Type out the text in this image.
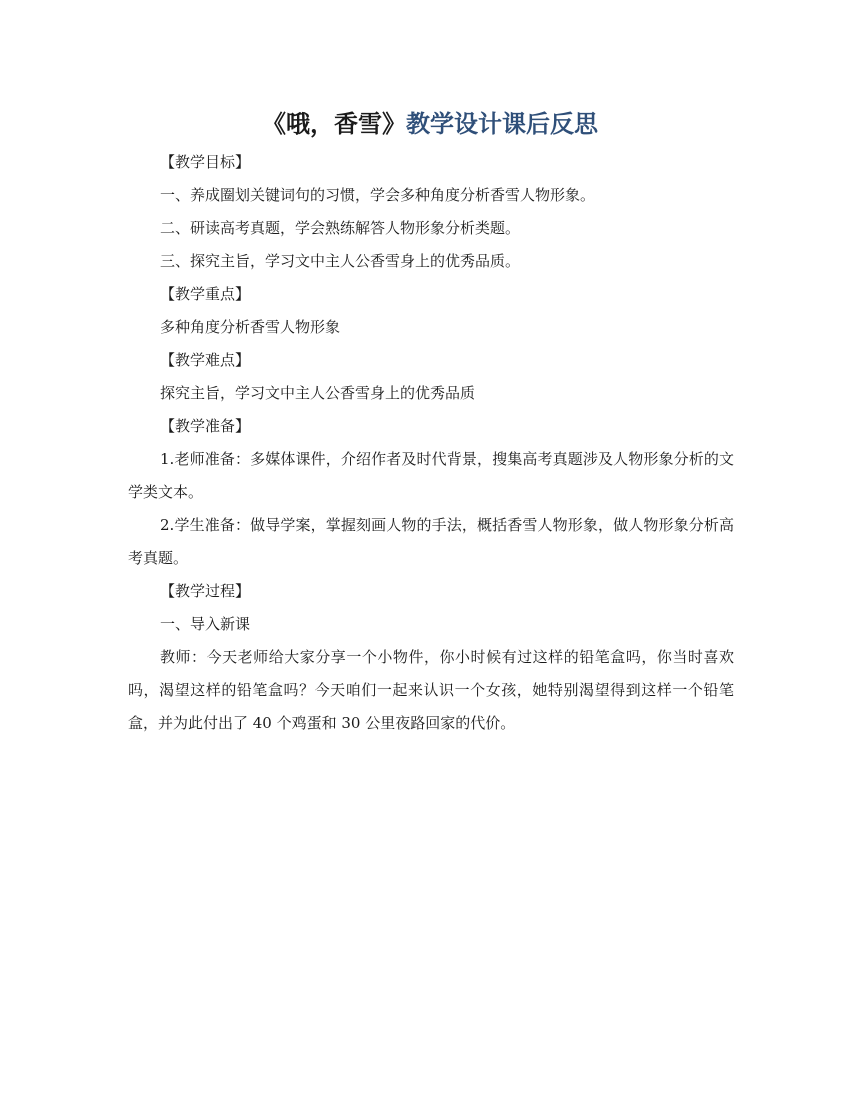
《哦，香雪》教学设计课后反思

【教学目标】

一、养成圈划关键词句的习惯，学会多种角度分析香雪人物形象。

二、研读高考真题，学会熟练解答人物形象分析类题。

三、探究主旨，学习文中主人公香雪身上的优秀品质。

【教学重点】

多种角度分析香雪人物形象

【教学难点】

探究主旨，学习文中主人公香雪身上的优秀品质

【教学准备】

1.老师准备：多媒体课件，介绍作者及时代背景，搜集高考真题涉及人物形象分析的文学类文本。

2.学生准备：做导学案，掌握刻画人物的手法，概括香雪人物形象，做人物形象分析高考真题。

【教学过程】

一、导入新课

教师：今天老师给大家分享一个小物件，你小时候有过这样的铅笔盒吗，你当时喜欢吗，渴望这样的铅笔盒吗？今天咱们一起来认识一个女孩，她特别渴望得到这样一个铅笔盒，并为此付出了 40 个鸡蛋和 30 公里夜路回家的代价。
